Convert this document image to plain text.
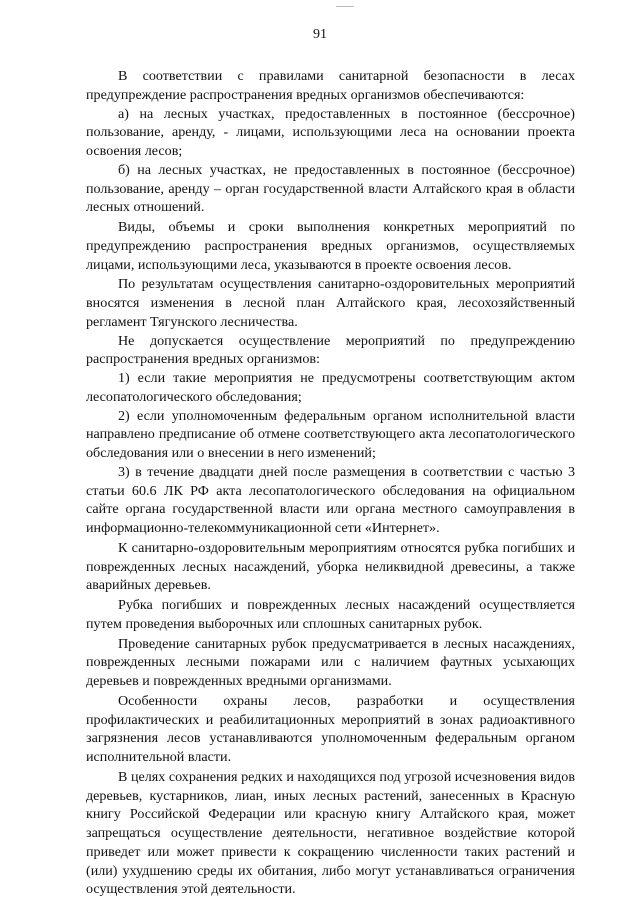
91

В соответствии с правилами санитарной безопасности в лесах предупреждение распространения вредных организмов обеспечиваются:

а) на лесных участках, предоставленных в постоянное (бессрочное) пользование, аренду, - лицами, использующими леса на основании проекта освоения лесов;

б) на лесных участках, не предоставленных в постоянное (бессрочное) пользование, аренду – орган государственной власти Алтайского края в области лесных отношений.

Виды, объемы и сроки выполнения конкретных мероприятий по предупреждению распространения вредных организмов, осуществляемых лицами, использующими леса, указываются в проекте освоения лесов.

По результатам осуществления санитарно-оздоровительных мероприятий вносятся изменения в лесной план Алтайского края, лесохозяйственный регламент Тягунского лесничества.

Не допускается осуществление мероприятий по предупреждению распространения вредных организмов:

1) если такие мероприятия не предусмотрены соответствующим актом лесопатологического обследования;

2) если уполномоченным федеральным органом исполнительной власти направлено предписание об отмене соответствующего акта лесопатологического обследования или о внесении в него изменений;

3) в течение двадцати дней после размещения в соответствии с частью 3 статьи 60.6 ЛК РФ акта лесопатологического обследования на официальном сайте органа государственной власти или органа местного самоуправления в информационно-телекоммуникационной сети «Интернет».

К санитарно-оздоровительным мероприятиям относятся рубка погибших и поврежденных лесных насаждений, уборка неликвидной древесины, а также аварийных деревьев.

Рубка погибших и поврежденных лесных насаждений осуществляется путем проведения выборочных или сплошных санитарных рубок.

Проведение санитарных рубок предусматривается в лесных насаждениях, поврежденных лесными пожарами или с наличием фаутных усыхающих деревьев и поврежденных вредными организмами.

Особенности охраны лесов, разработки и осуществления профилактических и реабилитационных мероприятий в зонах радиоактивного загрязнения лесов устанавливаются уполномоченным федеральным органом исполнительной власти.

В целях сохранения редких и находящихся под угрозой исчезновения видов деревьев, кустарников, лиан, иных лесных растений, занесенных в Красную книгу Российской Федерации или красную книгу Алтайского края, может запрещаться осуществление деятельности, негативное воздействие которой приведет или может привести к сокращению численности таких растений и (или) ухудшению среды их обитания, либо могут устанавливаться ограничения осуществления этой деятельности.
